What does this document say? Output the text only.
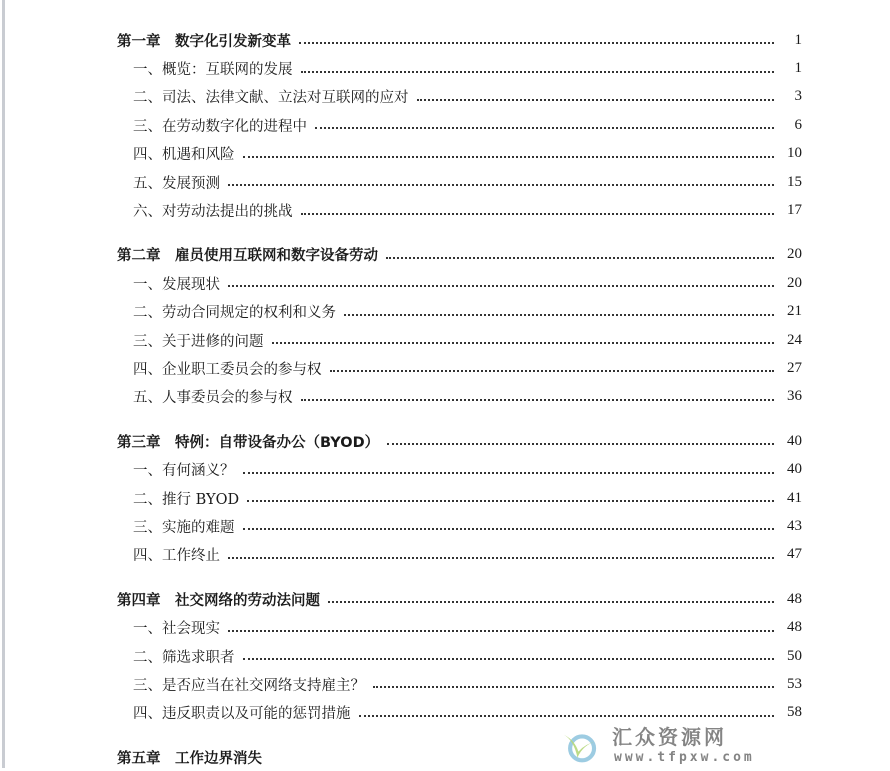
第一章　数字化引发新变革	1
一、概览：互联网的发展	1
二、司法、法律文献、立法对互联网的应对	3
三、在劳动数字化的进程中	6
四、机遇和风险	10
五、发展预测	15
六、对劳动法提出的挑战	17
第二章　雇员使用互联网和数字设备劳动	20
一、发展现状	20
二、劳动合同规定的权利和义务	21
三、关于进修的问题	24
四、企业职工委员会的参与权	27
五、人事委员会的参与权	36
第三章　特例：自带设备办公（BYOD）	40
一、有何涵义？	40
二、推行 BYOD	41
三、实施的难题	43
四、工作终止	47
第四章　社交网络的劳动法问题	48
一、社会现实	48
二、筛选求职者	50
三、是否应当在社交网络支持雇主？	53
四、违反职责以及可能的惩罚措施	58
第五章　工作边界消失
汇众资源网
www.tfpxw.com
